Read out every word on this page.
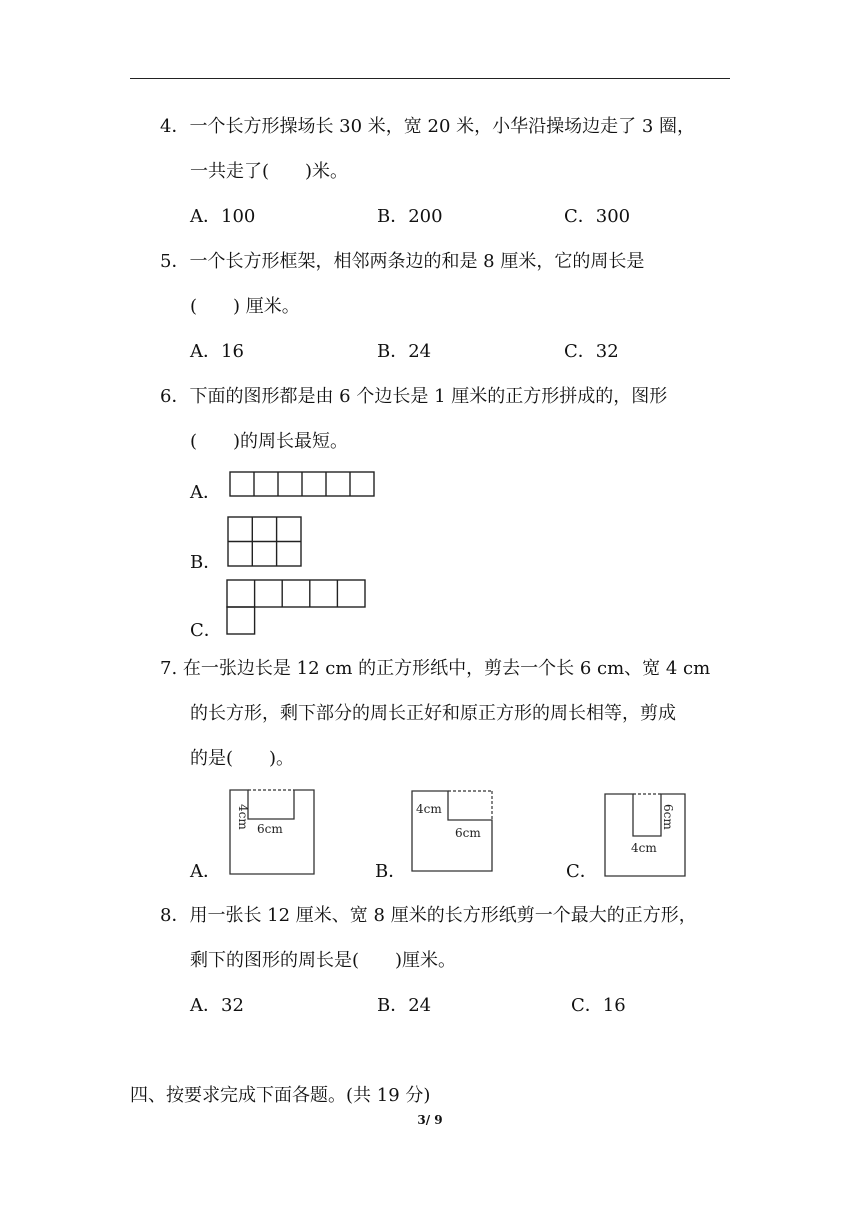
4．一个长方形操场长 30 米，宽 20 米，小华沿操场边走了 3 圈，
一共走了(　　)米。
A．100	B．200	C．300
5．一个长方形框架，相邻两条边的和是 8 厘米，它的周长是
(　　) 厘米。
A．16	B．24	C．32
6．下面的图形都是由 6 个边长是 1 厘米的正方形拼成的，图形
(　　)的周长最短。
A．
B．
C．
7. 在一张边长是 12 cm 的正方形纸中，剪去一个长 6 cm、宽 4 cm
的长方形，剩下部分的周长正好和原正方形的周长相等，剪成
的是(　　)。
A．
4cm 6cm
B．
4cm
6cm
C．
6cm
4cm
8．用一张长 12 厘米、宽 8 厘米的长方形纸剪一个最大的正方形，
剩下的图形的周长是(　　)厘米。
A．32	B．24	C．16
四、按要求完成下面各题。(共 19 分)
3/ 9
